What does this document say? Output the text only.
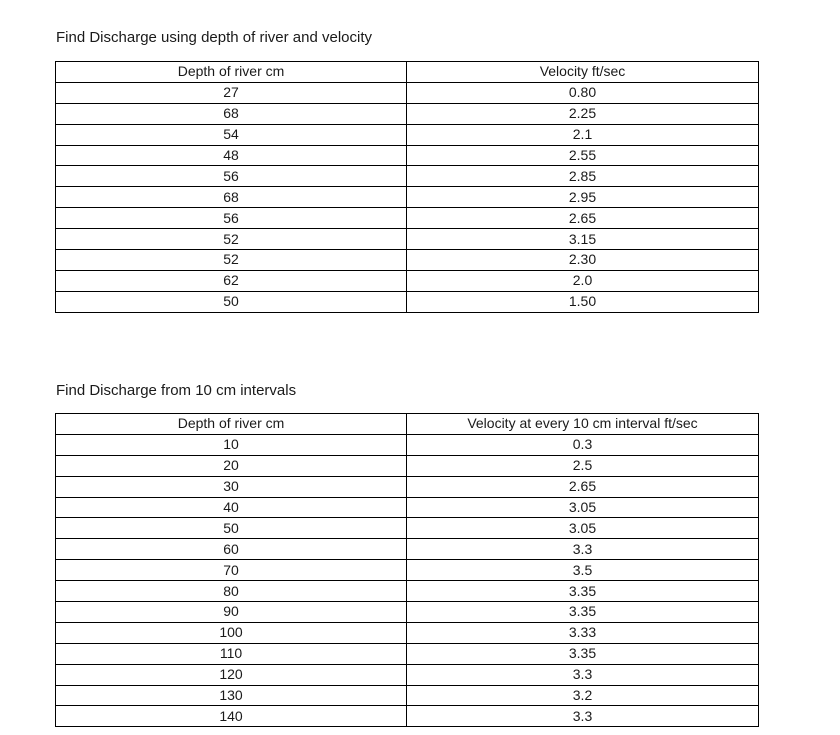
Find Discharge using depth of river and velocity
Depth of river cm	Velocity ft/sec
27	0.80
68	2.25
54	2.1
48	2.55
56	2.85
68	2.95
56	2.65
52	3.15
52	2.30
62	2.0
50	1.50
Find Discharge from 10 cm intervals
Depth of river cm	Velocity at every 10 cm interval ft/sec
10	0.3
20	2.5
30	2.65
40	3.05
50	3.05
60	3.3
70	3.5
80	3.35
90	3.35
100	3.33
110	3.35
120	3.3
130	3.2
140	3.3
